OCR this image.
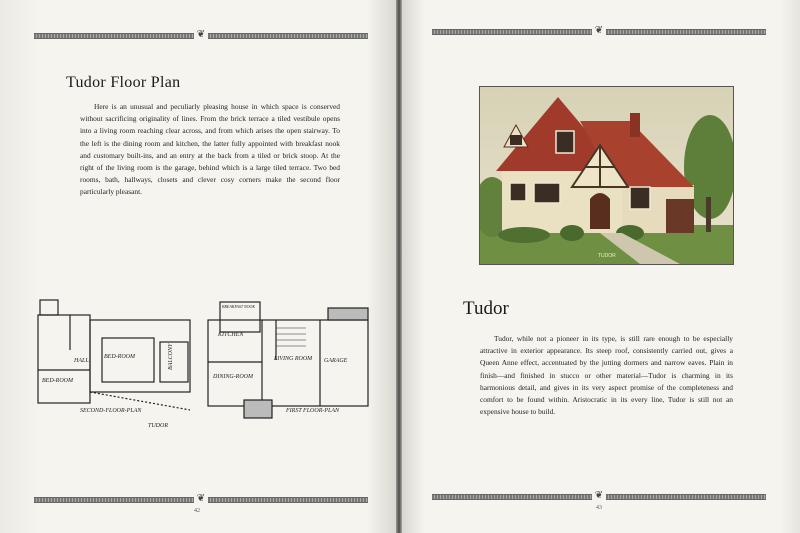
❦
Tudor Floor Plan

Here is an unusual and peculiarly pleasing house in which space is conserved without sacrificing originality of lines. From the brick terrace a tiled vestibule opens into a living room reaching clear across, and from which arises the open stairway. To the left is the dining room and kitchen, the latter fully appointed with breakfast nook and customary built-ins, and an entry at the back from a tiled or brick stoop. At the right of the living room is the garage, behind which is a large tiled terrace. Two bed rooms, bath, hallways, closets and clever cosy corners make the second floor particularly pleasant.

BED-ROOM
BED-ROOM
BALCONY
HALL
KITCHEN
LIVING ROOM
DINING-ROOM
GARAGE
BREAKFAST NOOK
SECOND-FLOOR-PLAN	FIRST FLOOR-PLAN
TUDOR
❦
42
❦
TUDOR
Tudor

Tudor, while not a pioneer in its type, is still rare enough to be especially attractive in exterior appearance. Its steep roof, consistently carried out, gives a Queen Anne effect, accentuated by the jutting dormers and narrow eaves. Plain in finish—and finished in stucco or other material—Tudor is charming in its harmonious detail, and gives in its very aspect promise of the completeness and comfort to be found within. Aristocratic in its every line, Tudor is still not an expensive house to build.

❦
43
